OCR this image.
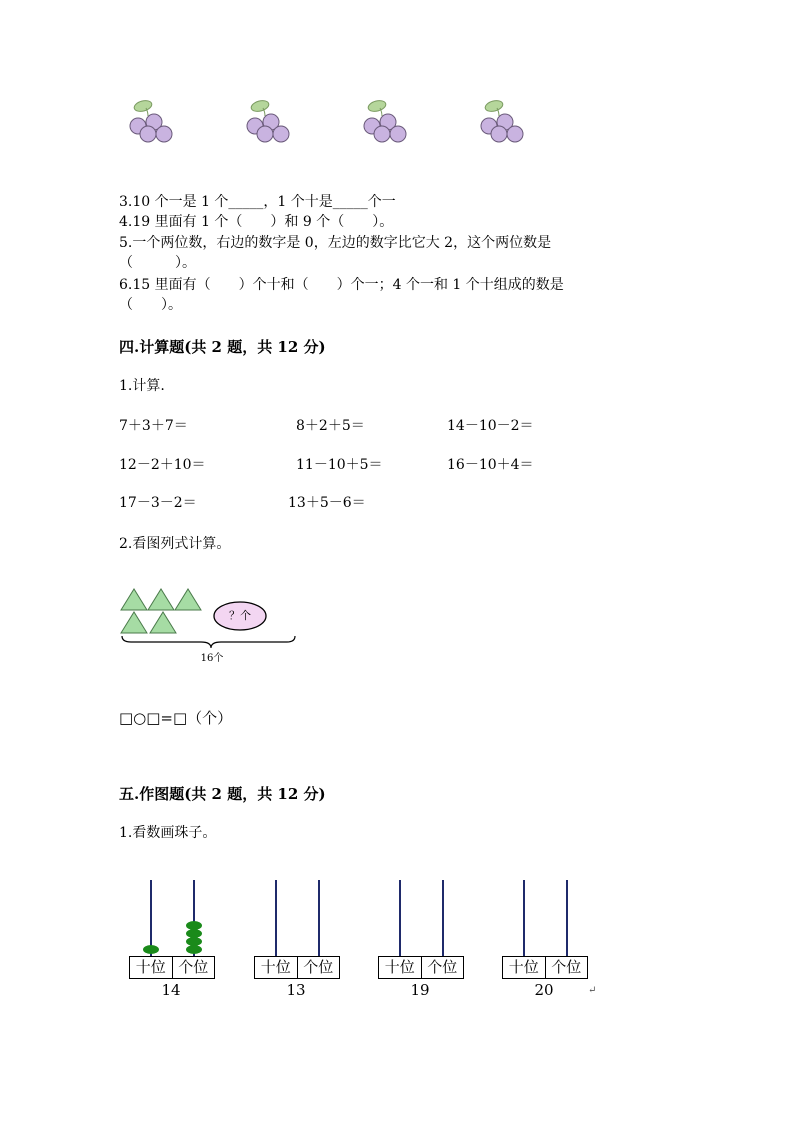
3.10 个一是 1 个_____，1 个十是_____个一
4.19 里面有 1 个（　　）和 9 个（　　）。
5.一个两位数，右边的数字是 0，左边的数字比它大 2，这个两位数是
（　　　）。
6.15 里面有（　　）个十和（　　）个一；4 个一和 1 个十组成的数是
（　　）。
四.计算题(共 2 题，共 12 分)
1.计算.
7＋3＋7＝	8＋2＋5＝	14－10－2＝
12－2＋10＝	11－10＋5＝	16－10＋4＝
17－3－2＝	13＋5－6＝
2.看图列式计算。
？个
16个
□○□=□（个）
五.作图题(共 2 题，共 12 分)
1.看数画珠子。
十位 个位
14
十位 个位
13
十位 个位
19
十位 个位
20	↵
